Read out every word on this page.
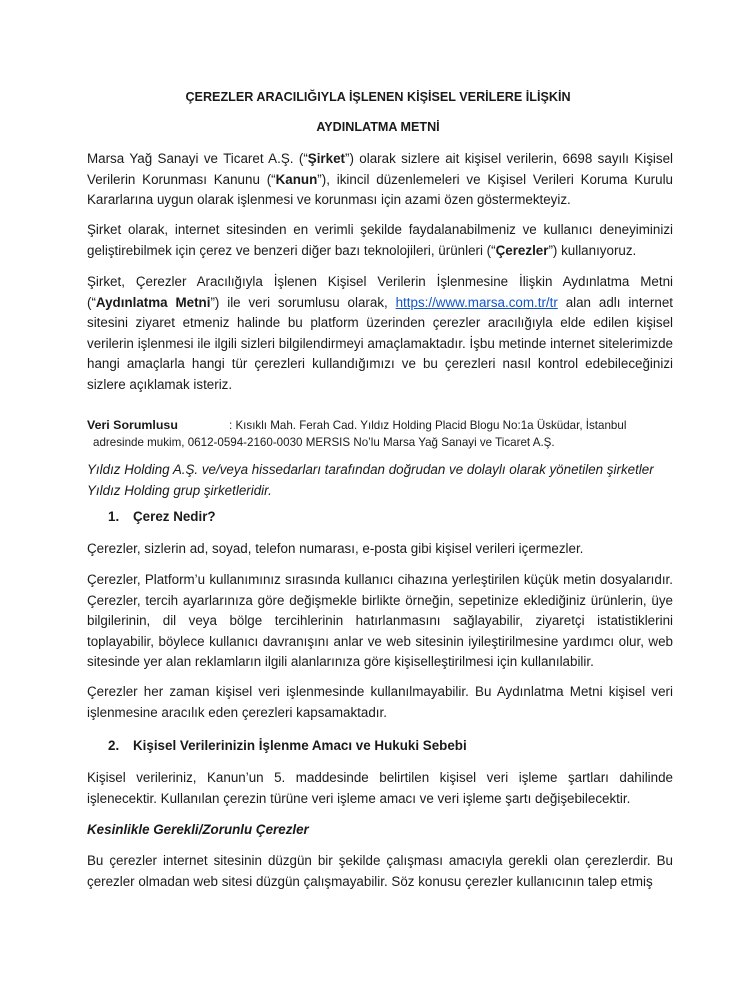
ÇEREZLER ARACILIĞIYLA İŞLENEN KİŞİSEL VERİLERE İLİŞKİN
AYDINLATMA METNİ
Marsa Yağ Sanayi ve Ticaret A.Ş. (“Şirket”) olarak sizlere ait kişisel verilerin, 6698 sayılı Kişisel Verilerin Korunması Kanunu (“Kanun”), ikincil düzenlemeleri ve Kişisel Verileri Koruma Kurulu Kararlarına uygun olarak işlenmesi ve korunması için azami özen göstermekteyiz.
Şirket olarak, internet sitesinden en verimli şekilde faydalanabilmeniz ve kullanıcı deneyiminizi geliştirebilmek için çerez ve benzeri diğer bazı teknolojileri, ürünleri (“Çerezler”) kullanıyoruz.
Şirket, Çerezler Aracılığıyla İşlenen Kişisel Verilerin İşlenmesine İlişkin Aydınlatma Metni (“Aydınlatma Metni”) ile veri sorumlusu olarak, https://www.marsa.com.tr/tr alan adlı internet sitesini ziyaret etmeniz halinde bu platform üzerinden çerezler aracılığıyla elde edilen kişisel verilerin işlenmesi ile ilgili sizleri bilgilendirmeyi amaçlamaktadır. İşbu metinde internet sitelerimizde hangi amaçlarla hangi tür çerezleri kullandığımızı ve bu çerezleri nasıl kontrol edebileceğinizi sizlere açıklamak isteriz.
Veri Sorumlusu	: Kısıklı Mah. Ferah Cad. Yıldız Holding Placid Blogu No:1a Üsküdar, İstanbul
adresinde mukim, 0612-0594-2160-0030 MERSIS No’lu Marsa Yağ Sanayi ve Ticaret A.Ş.
Yıldız Holding A.Ş. ve/veya hissedarları tarafından doğrudan ve dolaylı olarak yönetilen şirketler Yıldız Holding grup şirketleridir.
1. Çerez Nedir?
Çerezler, sizlerin ad, soyad, telefon numarası, e-posta gibi kişisel verileri içermezler.
Çerezler, Platform’u kullanımınız sırasında kullanıcı cihazına yerleştirilen küçük metin dosyalarıdır. Çerezler, tercih ayarlarınıza göre değişmekle birlikte örneğin, sepetinize eklediğiniz ürünlerin, üye bilgilerinin, dil veya bölge tercihlerinin hatırlanmasını sağlayabilir, ziyaretçi istatistiklerini toplayabilir, böylece kullanıcı davranışını anlar ve web sitesinin iyileştirilmesine yardımcı olur, web sitesinde yer alan reklamların ilgili alanlarınıza göre kişiselleştirilmesi için kullanılabilir.
Çerezler her zaman kişisel veri işlenmesinde kullanılmayabilir. Bu Aydınlatma Metni kişisel veri işlenmesine aracılık eden çerezleri kapsamaktadır.
2. Kişisel Verilerinizin İşlenme Amacı ve Hukuki Sebebi
Kişisel verileriniz, Kanun’un 5. maddesinde belirtilen kişisel veri işleme şartları dahilinde işlenecektir. Kullanılan çerezin türüne veri işleme amacı ve veri işleme şartı değişebilecektir.
Kesinlikle Gerekli/Zorunlu Çerezler
Bu çerezler internet sitesinin düzgün bir şekilde çalışması amacıyla gerekli olan çerezlerdir. Bu çerezler olmadan web sitesi düzgün çalışmayabilir. Söz konusu çerezler kullanıcının talep etmiş
